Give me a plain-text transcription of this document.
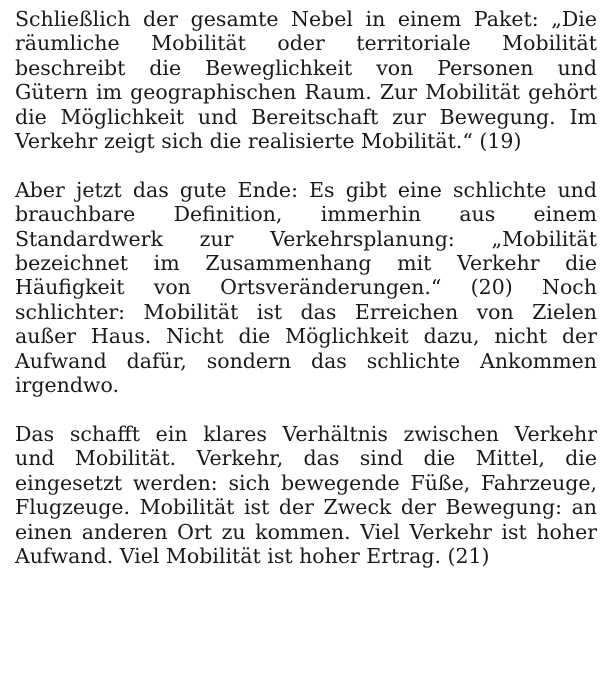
Schließlich der gesamte Nebel in einem Paket: „Die
räumliche Mobilität oder territoriale Mobilität
beschreibt die Beweglichkeit von Personen und
Gütern im geographischen Raum. Zur Mobilität gehört
die Möglichkeit und Bereitschaft zur Bewegung. Im
Verkehr zeigt sich die realisierte Mobilität.“ (19)

Aber jetzt das gute Ende: Es gibt eine schlichte und
brauchbare Definition, immerhin aus einem
Standardwerk zur Verkehrsplanung: „Mobilität
bezeichnet im Zusammenhang mit Verkehr die
Häufigkeit von Ortsveränderungen.“ (20) Noch
schlichter: Mobilität ist das Erreichen von Zielen
außer Haus. Nicht die Möglichkeit dazu, nicht der
Aufwand dafür, sondern das schlichte Ankommen
irgendwo.

Das schafft ein klares Verhältnis zwischen Verkehr
und Mobilität. Verkehr, das sind die Mittel, die
eingesetzt werden: sich bewegende Füße, Fahrzeuge,
Flugzeuge. Mobilität ist der Zweck der Bewegung: an
einen anderen Ort zu kommen. Viel Verkehr ist hoher
Aufwand. Viel Mobilität ist hoher Ertrag. (21)
